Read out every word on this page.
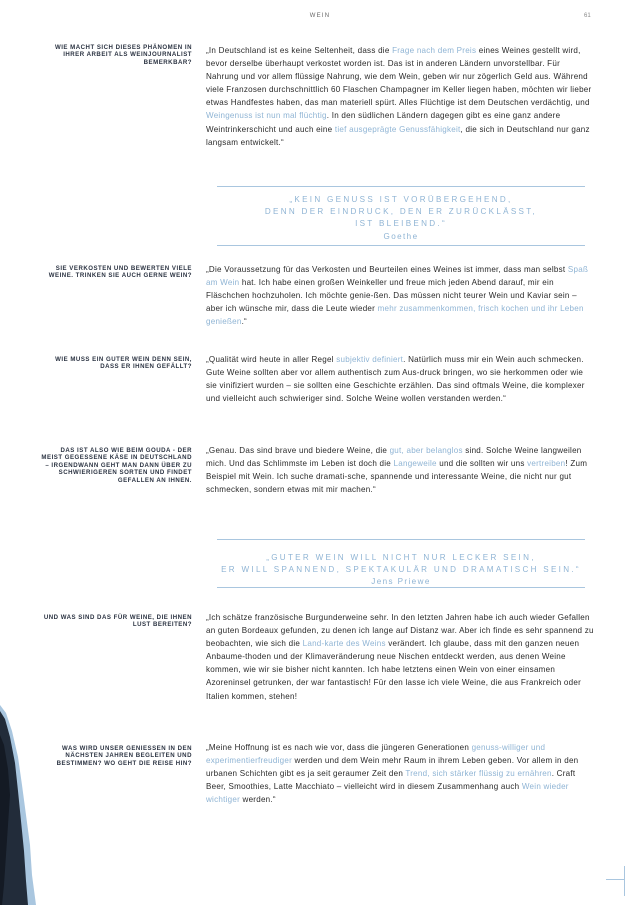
WEIN	61
WIE MACHT SICH DIESES PHÄNOMEN IN IHRER ARBEIT ALS WEINJOURNALIST BEMERKBAR?

„In Deutschland ist es keine Seltenheit, dass die Frage nach dem Preis eines Weines gestellt wird, bevor derselbe überhaupt verkostet worden ist. Das ist in anderen Ländern unvorstellbar. Für Nahrung und vor allem flüssige Nahrung, wie dem Wein, geben wir nur zögerlich Geld aus. Während viele Franzosen durchschnittlich 60 Flaschen Champagner im Keller liegen haben, möchten wir lieber etwas Handfestes haben, das man materiell spürt. Alles Flüchtige ist dem Deutschen verdächtig, und Weingenuss ist nun mal flüchtig. In den südlichen Ländern dagegen gibt es eine ganz andere Weintrinkerschicht und auch eine tief ausgeprägte Genussfähigkeit, die sich in Deutschland nur ganz langsam entwickelt.“

„KEIN GENUSS IST VORÜBERGEHEND,
DENN DER EINDRUCK, DEN ER ZURÜCKLÄSST,
IST BLEIBEND.“
Goethe
SIE VERKOSTEN UND BEWERTEN VIELE WEINE. TRINKEN SIE AUCH GERNE WEIN?

„Die Voraussetzung für das Verkosten und Beurteilen eines Weines ist immer, dass man selbst Spaß am Wein hat. Ich habe einen großen Weinkeller und freue mich jeden Abend darauf, mir ein Fläschchen hochzuholen. Ich möchte genie-ßen. Das müssen nicht teurer Wein und Kaviar sein – aber ich wünsche mir, dass die Leute wieder mehr zusammenkommen, frisch kochen und ihr Leben genießen.“

WIE MUSS EIN GUTER WEIN DENN SEIN, DASS ER IHNEN GEFÄLLT?

„Qualität wird heute in aller Regel subjektiv definiert. Natürlich muss mir ein Wein auch schmecken. Gute Weine sollten aber vor allem authentisch zum Aus-druck bringen, wo sie herkommen oder wie sie vinifiziert wurden – sie sollten eine Geschichte erzählen. Das sind oftmals Weine, die komplexer und vielleicht auch schwieriger sind. Solche Weine wollen verstanden werden.“

DAS IST ALSO WIE BEIM GOUDA - DER MEIST GEGESSENE KÄSE IN DEUTSCHLAND – IRGENDWANN GEHT MAN DANN ÜBER ZU SCHWIERIGEREN SORTEN UND FINDET GEFALLEN AN IHNEN.

„Genau. Das sind brave und biedere Weine, die gut, aber belanglos sind. Solche Weine langweilen mich. Und das Schlimmste im Leben ist doch die Langeweile und die sollten wir uns vertreiben! Zum Beispiel mit Wein. Ich suche dramati-sche, spannende und interessante Weine, die nicht nur gut schmecken, sondern etwas mit mir machen.“

„GUTER WEIN WILL NICHT NUR LECKER SEIN,
ER WILL SPANNEND, SPEKTAKULÄR UND DRAMATISCH SEIN.“
Jens Priewe
UND WAS SIND DAS FÜR WEINE, DIE IHNEN LUST BEREITEN?

„Ich schätze französische Burgunderweine sehr. In den letzten Jahren habe ich auch wieder Gefallen an guten Bordeaux gefunden, zu denen ich lange auf Distanz war. Aber ich finde es sehr spannend zu beobachten, wie sich die Land-karte des Weins verändert. Ich glaube, dass mit den ganzen neuen Anbaume-thoden und der Klimaveränderung neue Nischen entdeckt werden, aus denen Weine kommen, wie wir sie bisher nicht kannten. Ich habe letztens einen Wein von einer einsamen Azoreninsel getrunken, der war fantastisch! Für den lasse ich viele Weine, die aus Frankreich oder Italien kommen, stehen!

WAS WIRD UNSER GENIESSEN IN DEN NÄCHSTEN JAHREN BEGLEITEN UND BESTIMMEN? WO GEHT DIE REISE HIN?

„Meine Hoffnung ist es nach wie vor, dass die jüngeren Generationen genuss-williger und experimentierfreudiger werden und dem Wein mehr Raum in ihrem Leben geben. Vor allem in den urbanen Schichten gibt es ja seit geraumer Zeit den Trend, sich stärker flüssig zu ernähren. Craft Beer, Smoothies, Latte Macchiato – vielleicht wird in diesem Zusammenhang auch Wein wieder wichtiger werden.“
